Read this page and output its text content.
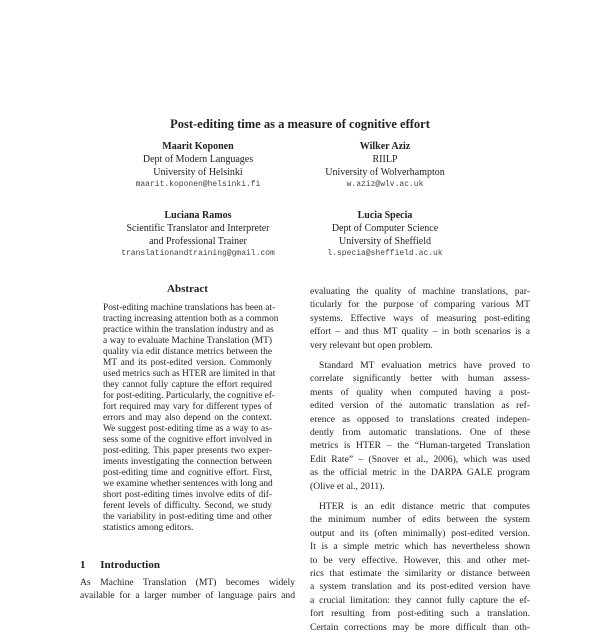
Post-editing time as a measure of cognitive effort
Maarit Koponen
Dept of Modern Languages
University of Helsinki
maarit.koponen@helsinki.fi
Wilker Aziz
RIILP
University of Wolverhampton
w.aziz@wlv.ac.uk
Luciana Ramos
Scientific Translator and Interpreter
and Professional Trainer
translationandtraining@gmail.com
Lucia Specia
Dept of Computer Science
University of Sheffield
l.specia@sheffield.ac.uk
Abstract
Post-editing machine translations has been at-
tracting increasing attention both as a common
practice within the translation industry and as
a way to evaluate Machine Translation (MT)
quality via edit distance metrics between the
MT and its post-edited version. Commonly
used metrics such as HTER are limited in that
they cannot fully capture the effort required
for post-editing. Particularly, the cognitive ef-
fort required may vary for different types of
errors and may also depend on the context.
We suggest post-editing time as a way to as-
sess some of the cognitive effort involved in
post-editing. This paper presents two exper-
iments investigating the connection between
post-editing time and cognitive effort. First,
we examine whether sentences with long and
short post-editing times involve edits of dif-
ferent levels of difficulty. Second, we study
the variability in post-editing time and other
statistics among editors.
1 Introduction
As Machine Translation (MT) becomes widely
available for a larger number of language pairs and
evaluating the quality of machine translations, par-
ticularly for the purpose of comparing various MT
systems. Effective ways of measuring post-editing
effort – and thus MT quality – in both scenarios is a
very relevant but open problem.
Standard MT evaluation metrics have proved to
correlate significantly better with human assess-
ments of quality when computed having a post-
edited version of the automatic translation as ref-
erence as opposed to translations created indepen-
dently from automatic translations. One of these
metrics is HTER – the “Human-targeted Translation
Edit Rate” – (Snover et al., 2006), which was used
as the official metric in the DARPA GALE program
(Olive et al., 2011).
HTER is an edit distance metric that computes
the minimum number of edits between the system
output and its (often minimally) post-edited version.
It is a simple metric which has nevertheless shown
to be very effective. However, this and other met-
rics that estimate the similarity or distance between
a system translation and its post-edited version have
a crucial limitation: they cannot fully capture the ef-
fort resulting from post-editing such a translation.
Certain corrections may be more difficult than oth-
